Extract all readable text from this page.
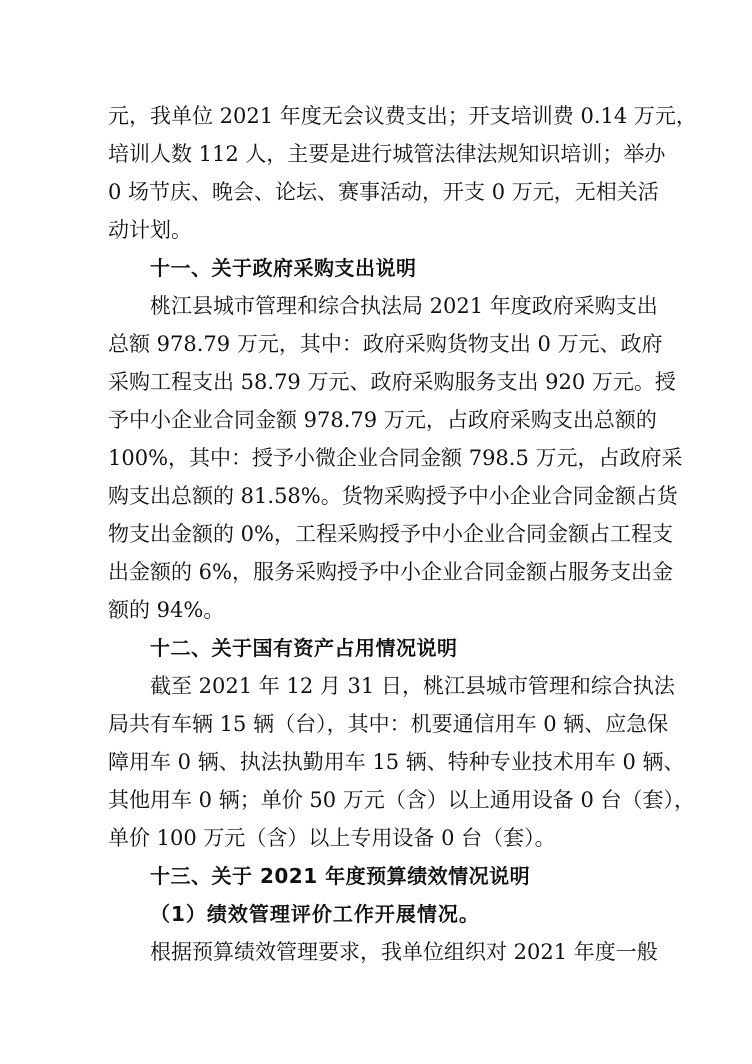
元，我单位 2021 年度无会议费支出；开支培训费 0.14 万元，
培训人数 112 人，主要是进行城管法律法规知识培训；举办
0 场节庆、晚会、论坛、赛事活动，开支 0 万元，无相关活
动计划。
十一、关于政府采购支出说明
桃江县城市管理和综合执法局 2021 年度政府采购支出
总额 978.79 万元，其中：政府采购货物支出 0 万元、政府
采购工程支出 58.79 万元、政府采购服务支出 920 万元。授
予中小企业合同金额 978.79 万元，占政府采购支出总额的
100%，其中：授予小微企业合同金额 798.5 万元，占政府采
购支出总额的 81.58%。货物采购授予中小企业合同金额占货
物支出金额的 0%，工程采购授予中小企业合同金额占工程支
出金额的 6%，服务采购授予中小企业合同金额占服务支出金
额的 94%。
十二、关于国有资产占用情况说明
截至 2021 年 12 月 31 日，桃江县城市管理和综合执法
局共有车辆 15 辆（台），其中：机要通信用车 0 辆、应急保
障用车 0 辆、执法执勤用车 15 辆、特种专业技术用车 0 辆、
其他用车 0 辆；单价 50 万元（含）以上通用设备 0 台（套），
单价 100 万元（含）以上专用设备 0 台（套）。
十三、关于 2021 年度预算绩效情况说明
（1）绩效管理评价工作开展情况。
根据预算绩效管理要求，我单位组织对 2021 年度一般
